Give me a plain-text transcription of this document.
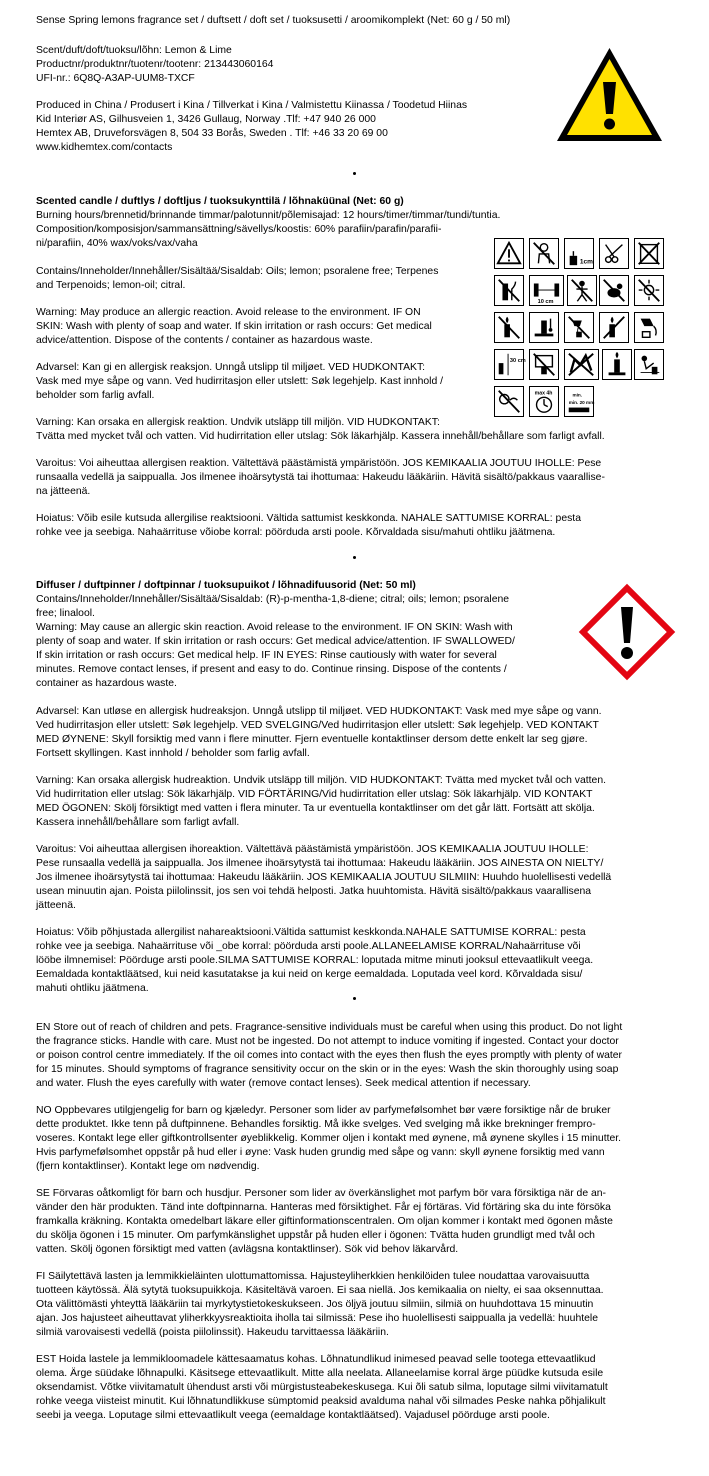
Sense Spring lemons fragrance set / duftsett / doft set / tuoksusetti / aroomikomplekt (Net: 60 g / 50 ml)

Scent/duft/doft/tuoksu/lõhn: Lemon & Lime

Productnr/produktnr/tuotenr/tootenr: 213443060164

UFI-nr.: 6Q8Q-A3AP-UUM8-TXCF

Produced in China / Produsert i Kina / Tillverkat i Kina / Valmistettu Kiinassa / Toodetud Hiinas

Kid Interiør AS, Gilhusveien 1, 3426 Gullaug, Norway .Tlf: +47 940 26 000

Hemtex AB, Druveforsvägen 8, 504 33 Borås, Sweden . Tlf: +46 33 20 69 00

www.kidhemtex.com/contacts

Scented candle / duftlys / doftljus / tuoksukynttilä / lõhnaküünal (Net: 60 g)

Burning hours/brennetid/brinnande timmar/palotunnit/põlemisajad: 12 hours/timer/timmar/tundi/tuntia.

Composition/komposisjon/sammansättning/sävellys/koostis: 60% parafiin/parafin/parafii-

ni/parafiin, 40% wax/voks/vax/vaha

Contains/Inneholder/Innehåller/Sisältää/Sisaldab: Oils; lemon; psoralene free; Terpenes

and Terpenoids; lemon-oil; citral.

Warning: May produce an allergic reaction. Avoid release to the environment. IF ON

SKIN: Wash with plenty of soap and water. If skin irritation or rash occurs: Get medical

advice/attention. Dispose of the contents / container as hazardous waste.

Advarsel: Kan gi en allergisk reaksjon. Unngå utslipp til miljøet. VED HUDKONTAKT:

Vask med mye såpe og vann. Ved hudirritasjon eller utslett: Søk legehjelp. Kast innhold /

beholder som farlig avfall.

Varning: Kan orsaka en allergisk reaktion. Undvik utsläpp till miljön. VID HUDKONTAKT:

Tvätta med mycket tvål och vatten. Vid hudirritation eller utslag: Sök läkarhjälp. Kassera innehåll/behållare som farligt avfall.

Varoitus: Voi aiheuttaa allergisen reaktion. Vältettävä päästämistä ympäristöön. JOS KEMIKAALIA JOUTUU IHOLLE: Pese

runsaalla vedellä ja saippualla. Jos ilmenee ihoärsytystä tai ihottumaa: Hakeudu lääkäriin. Hävitä sisältö/pakkaus vaarallise-

na jätteenä.

Hoiatus: Võib esile kutsuda allergilise reaktsiooni. Vältida sattumist keskkonda. NAHALE SATTUMISE KORRAL: pesta

rohke vee ja seebiga. Nahaärrituse võiobe korral: pöörduda arsti poole. Kõrvaldada sisu/mahuti ohtliku jäätmena.

1cm
10 cm
30 cm
max 4h	min.
min. 20 mm

Diffuser / duftpinner / doftpinnar / tuoksupuikot / lõhnadifuusorid (Net: 50 ml)

Contains/Inneholder/Innehåller/Sisältää/Sisaldab: (R)-p-mentha-1,8-diene; citral; oils; lemon; psoralene

free; linalool.

Warning: May cause an allergic skin reaction. Avoid release to the environment. IF ON SKIN: Wash with

plenty of soap and water. If skin irritation or rash occurs: Get medical advice/attention. IF SWALLOWED/

If skin irritation or rash occurs: Get medical help. IF IN EYES: Rinse cautiously with water for several

minutes. Remove contact lenses, if present and easy to do. Continue rinsing. Dispose of the contents /

container as hazardous waste.

Advarsel: Kan utløse en allergisk hudreaksjon. Unngå utslipp til miljøet. VED HUDKONTAKT: Vask med mye såpe og vann.

Ved hudirritasjon eller utslett: Søk legehjelp. VED SVELGING/Ved hudirritasjon eller utslett: Søk legehjelp. VED KONTAKT

MED ØYNENE: Skyll forsiktig med vann i flere minutter. Fjern eventuelle kontaktlinser dersom dette enkelt lar seg gjøre.

Fortsett skyllingen. Kast innhold / beholder som farlig avfall.

Varning: Kan orsaka allergisk hudreaktion. Undvik utsläpp till miljön. VID HUDKONTAKT: Tvätta med mycket tvål och vatten.

Vid hudirritation eller utslag: Sök läkarhjälp. VID FÖRTÄRING/Vid hudirritation eller utslag: Sök läkarhjälp. VID KONTAKT

MED ÖGONEN: Skölj försiktigt med vatten i flera minuter. Ta ur eventuella kontaktlinser om det går lätt. Fortsätt att skölja.

Kassera innehåll/behållare som farligt avfall.

Varoitus: Voi aiheuttaa allergisen ihoreaktion. Vältettävä päästämistä ympäristöön. JOS KEMIKAALIA JOUTUU IHOLLE:

Pese runsaalla vedellä ja saippualla. Jos ilmenee ihoärsytystä tai ihottumaa: Hakeudu lääkäriin. JOS AINESTA ON NIELTY/

Jos ilmenee ihoärsytystä tai ihottumaa: Hakeudu lääkäriin. JOS KEMIKAALIA JOUTUU SILMIIN: Huuhdo huolellisesti vedellä

usean minuutin ajan. Poista piilolinssit, jos sen voi tehdä helposti. Jatka huuhtomista. Hävitä sisältö/pakkaus vaarallisena

jätteenä.

Hoiatus: Võib põhjustada allergilist nahareaktsiooni.Vältida sattumist keskkonda.NAHALE SATTUMISE KORRAL: pesta

rohke vee ja seebiga. Nahaärrituse või _obe korral: pöörduda arsti poole.ALLANEELAMISE KORRAL/Nahaärrituse või

lööbe ilmnemisel: Pöörduge arsti poole.SILMA SATTUMISE KORRAL: loputada mitme minuti jooksul ettevaatlikult veega.

Eemaldada kontaktläätsed, kui neid kasutatakse ja kui neid on kerge eemaldada. Loputada veel kord. Kõrvaldada sisu/

mahuti ohtliku jäätmena.

EN Store out of reach of children and pets. Fragrance-sensitive individuals must be careful when using this product. Do not light

the fragrance sticks. Handle with care. Must not be ingested. Do not attempt to induce vomiting if ingested. Contact your doctor

or poison control centre immediately. If the oil comes into contact with the eyes then flush the eyes promptly with plenty of water

for 15 minutes. Should symptoms of fragrance sensitivity occur on the skin or in the eyes: Wash the skin thoroughly using soap

and water. Flush the eyes carefully with water (remove contact lenses). Seek medical attention if necessary.

NO Oppbevares utilgjengelig for barn og kjæledyr. Personer som lider av parfymefølsomhet bør være forsiktige når de bruker

dette produktet. Ikke tenn på duftpinnene. Behandles forsiktig. Må ikke svelges. Ved svelging må ikke brekninger frempro-

voseres. Kontakt lege eller giftkontrollsenter øyeblikkelig. Kommer oljen i kontakt med øynene, må øynene skylles i 15 minutter.

Hvis parfymefølsomhet oppstår på hud eller i øyne: Vask huden grundig med såpe og vann: skyll øynene forsiktig med vann

(fjern kontaktlinser). Kontakt lege om nødvendig.

SE Förvaras oåtkomligt för barn och husdjur. Personer som lider av överkänslighet mot parfym bör vara försiktiga när de an-

vänder den här produkten. Tänd inte doftpinnarna. Hanteras med försiktighet. Får ej förtäras. Vid förtäring ska du inte försöka

framkalla kräkning. Kontakta omedelbart läkare eller giftinformationscentralen. Om oljan kommer i kontakt med ögonen måste

du skölja ögonen i 15 minuter. Om parfymkänslighet uppstår på huden eller i ögonen: Tvätta huden grundligt med tvål och

vatten. Skölj ögonen försiktigt med vatten (avlägsna kontaktlinser). Sök vid behov läkarvård.

FI Säilytettävä lasten ja lemmikkieläinten ulottumattomissa. Hajusteyliherkkien henkilöiden tulee noudattaa varovaisuutta

tuotteen käytössä. Älä sytytä tuoksupuikkoja. Käsiteltävä varoen. Ei saa niellä. Jos kemikaalia on nielty, ei saa oksennuttaa.

Ota välittömästi yhteyttä lääkäriin tai myrkytystietokeskukseen. Jos öljyä joutuu silmiin, silmiä on huuhdottava 15 minuutin

ajan. Jos hajusteet aiheuttavat yliherkkyysreaktioita iholla tai silmissä: Pese iho huolellisesti saippualla ja vedellä: huuhtele

silmiä varovaisesti vedellä (poista piilolinssit). Hakeudu tarvittaessa lääkäriin.

EST Hoida lastele ja lemmikloomadele kättesaamatus kohas. Lõhnatundlikud inimesed peavad selle tootega ettevaatlikud

olema. Ärge süüdake lõhnapulki. Käsitsege ettevaatlikult. Mitte alla neelata. Allaneelamise korral ärge püüdke kutsuda esile

oksendamist. Võtke viivitamatult ühendust arsti või mürgistusteabekeskusega. Kui õli satub silma, loputage silmi viivitamatult

rohke veega viisteist minutit. Kui lõhnatundlikkuse sümptomid peaksid avalduma nahal või silmades Peske nahka põhjalikult

seebi ja veega. Loputage silmi ettevaatlikult veega (eemaldage kontaktläätsed). Vajadusel pöörduge arsti poole.
